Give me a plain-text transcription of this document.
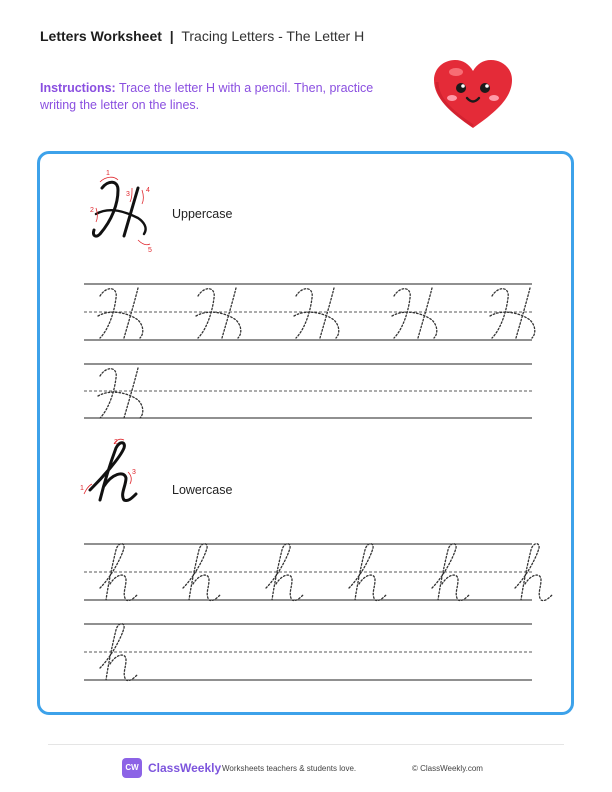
Letters Worksheet | Tracing Letters - The Letter H
Instructions: Trace the letter H with a pencil. Then, practice writing the letter on the lines.
1
2
3
4
5
Uppercase
1
2
3
Lowercase
CW ClassWeekly Worksheets teachers & students love.	© ClassWeekly.com
